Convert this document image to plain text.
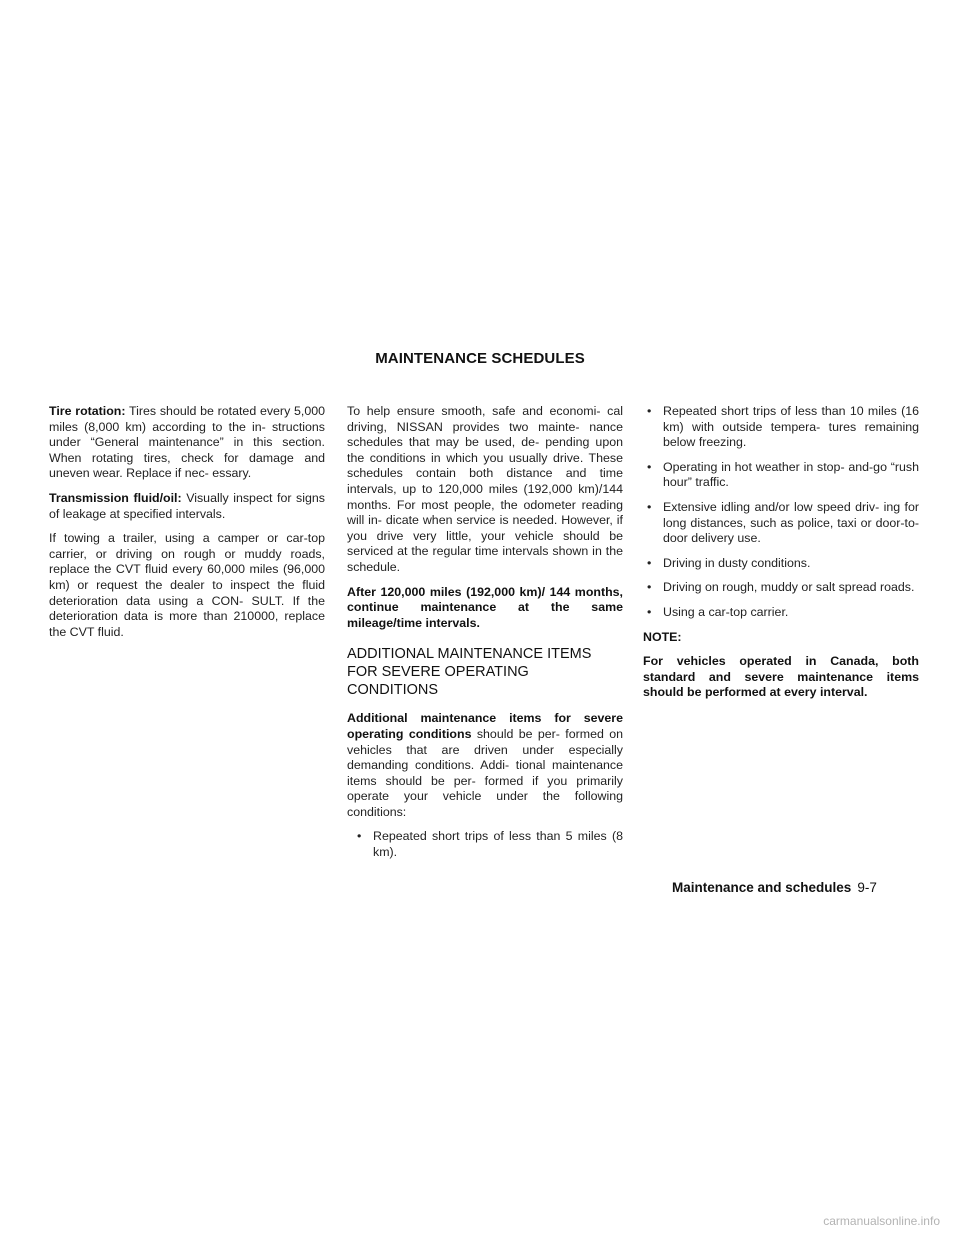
MAINTENANCE SCHEDULES

Tire rotation: Tires should be rotated every 5,000 miles (8,000 km) according to the in- structions under “General maintenance” in this section. When rotating tires, check for damage and uneven wear. Replace if nec- essary.

Transmission fluid/oil: Visually inspect for signs of leakage at specified intervals.

If towing a trailer, using a camper or car-top carrier, or driving on rough or muddy roads, replace the CVT fluid every 60,000 miles (96,000 km) or request the dealer to inspect the fluid deterioration data using a CON- SULT. If the deterioration data is more than 210000, replace the CVT fluid.

To help ensure smooth, safe and economi- cal driving, NISSAN provides two mainte- nance schedules that may be used, de- pending upon the conditions in which you usually drive. These schedules contain both distance and time intervals, up to 120,000 miles (192,000 km)/144 months. For most people, the odometer reading will in- dicate when service is needed. However, if you drive very little, your vehicle should be serviced at the regular time intervals shown in the schedule.

After 120,000 miles (192,000 km)/ 144 months, continue maintenance at the same mileage/time intervals.

ADDITIONAL MAINTENANCE ITEMS FOR SEVERE OPERATING CONDITIONS

Additional maintenance items for severe operating conditions should be per- formed on vehicles that are driven under especially demanding conditions. Addi- tional maintenance items should be per- formed if you primarily operate your vehicle under the following conditions:

• Repeated short trips of less than 5 miles (8 km).
• Repeated short trips of less than 10 miles (16 km) with outside tempera- tures remaining below freezing.
• Operating in hot weather in stop- and-go “rush hour” traffic.
• Extensive idling and/or low speed driv- ing for long distances, such as police, taxi or door-to-door delivery use.
• Driving in dusty conditions.
• Driving on rough, muddy or salt spread roads.
• Using a car-top carrier.

NOTE:

For vehicles operated in Canada, both standard and severe maintenance items should be performed at every interval.

Maintenance and schedules 9-7
carmanualsonline.info
